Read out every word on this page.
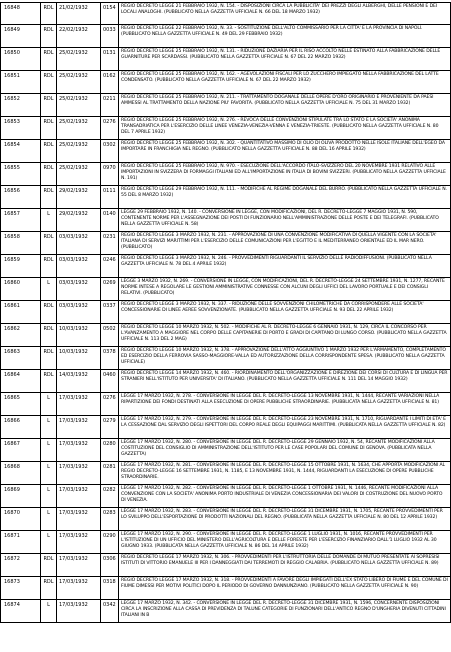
16848	RDL	21/02/1932	0154	REGIO DECRETO LEGGE 21 FEBBRAIO 1932, N. 154. - DISPOSIZIONI CIRCA LA PUBBLICITA' DEI PREZZI DEGLI ALBERGHI, DELLE PENSIONI E DEI LOCALI ANALOGHI. (PUBBLICATO NELLA GAZZETTA UFFICIALE N. 66 DEL 18 MARZO 1932)
16849	RDL	22/02/1932	0033	REGIO DECRETO LEGGE 22 FEBBRAIO 1932, N. 33. - SOSTITUZIONE DELL'ALTO COMMISSARIO PER LA CITTA' E LA PROVINCIA DI NAPOLI. (PUBBLICATO NELLA GAZZETTA UFFICIALE N. 49 DEL 29 FEBBRAIO 1932)
16850	RDL	25/02/1932	0131	REGIO DECRETO LEGGE 25 FEBBRAIO 1932, N. 131. - RIDUZIONE DAZIARIA PER IL RISO ACCOLTO NELLE ESTINATO ALLA FABBRICAZIONE DELLE GUARNITURE PER SCARDASSI. (PUBBLICATO NELLA GAZZETTA UFFICIALE N. 67 DEL 22 MARZO 1932)
16851	RDL	25/02/1932	0162	REGIO DECRETO LEGGE 25 FEBBRAIO 1932, N. 162. - AGEVOLAZIONI FISCALI PER LO ZUCCHERO IMPIEGATO NELLA FABBRICAZIONE DEL LATTE CONDENSATO. (PUBBLICATO NELLA GAZZETTA UFFICIALE N. 67 DEL 22 MARZO 1932)
16852	RDL	25/02/1932	0211	REGIO DECRETO LEGGE 25 FEBBRAIO 1932, N. 211. - TRATTAMENTO DOGANALE DELLE OPERE D'ORO ORIGINARIO E PROVENIENTE DA PAESI AMMESSI AL TRATTAMENTO DELLA NAZIONE PIU' FAVORITA. (PUBBLICATO NELLA GAZZETTA UFFICIALE N. 75 DEL 31 MARZO 1932)
16853	RDL	25/02/1932	0276	REGIO DECRETO LEGGE 25 FEBBRAIO 1932, N. 276. - REVOCA DELLE CONVENZIONI STIPULATE TRA LO STATO E LA SOCIETA' ANONIMA TRANSADRIATICA PER L'ESERCIZIO DELLE LINEE VENEZIA-VENEZIA-VENNA E VENEZIA-TRIESTE. (PUBBLICATO NELLA GAZZETTA UFFICIALE N. 80 DEL 7 APRILE 1932)
16854	RDL	25/02/1932	0302	REGIO DECRETO LEGGE 25 FEBBRAIO 1932, N. 302. - QUANTITATIVO MASSIMO DI OLIO DI OLIVA PRODOTTO NELLE ISOLE ITALIANE DELL'EGEO DA IMPORTARE IN FRANCHIGIA NEL REGNO. (PUBBLICATO NELLA GAZZETTA UFFICIALE N. 88 DEL 16 APRILE 1932)
16855	RDL	25/02/1932	0970	REGIO DECRETO LEGGE 25 FEBBRAIO 1932, N. 970. - ESECUZIONE DELL'ACCORDO ITALO-SVIZZERO DEL 20 NOVEMBRE 1931 RELATIVO ALLE IMPORTAZIONI IN SVIZZERA DI FORMAGGI ITALIANI ED ALL'IMPORTAZIONE IN ITALIA DI BOVINI SVIZZERI. (PUBBLICATO NELLA GAZZETTA UFFICIALE N. 191)
16856	RDL	29/02/1932	0111	REGIO DECRETO LEGGE 29 FEBBRAIO 1932, N. 111. - MODIFICHE AL REGIME DOGANALE DEL BURRO. (PUBBLICATO NELLA GAZZETTA UFFICIALE N. 55 DEL 8 MARZO 1932)
16857	L	29/02/1932	0140	LEGGE 29 FEBBRAIO 1932, N. 140. - CONVERSIONE IN LEGGE, CON MODIFICAZIONI, DEL R. DECRETO-LEGGE 7 MAGGIO 1931, N. 590, CONTENENTE NORME PER L'ASSEGNAZIONE DEI POSTI DI FUNZIONARIO NELL'AMMINISTRAZIONE DELLE POSTE E DEI TELEGRAFI. (PUBBLICATO NELLA GAZZETTA UFFICIALE N. 58)
16858	RDL	03/03/1932	0231	REGIO DECRETO LEGGE 3 MARZO 1932, N. 231. - APPROVAZIONE DI UNA CONVENZIONE MODIFICATIVA DI QUELLA VIGENTE CON LA SOCIETA' ITALIANA DI SERVIZI MARITTIMI PER L'ESERCIZIO DELLE COMUNICAZIONI PER L'EGITTO E IL MEDITERRANEO ORIENTALE ED IL MAR NERO. (PUBBLICATO)
16859	RDL	03/03/1932	0246	REGIO DECRETO LEGGE 3 MARZO 1932, N. 246. - PROVVEDIMENTI RIGUARDANTI IL SERVIZIO DELLE RADIODIFFUSIONI. (PUBBLICATO NELLA GAZZETTA UFFICIALE N. 78 DEL 4 APRILE 1932)
16860	L	03/03/1932	0269	LEGGE 3 MARZO 1932, N. 269. - CONVERSIONE IN LEGGE, CON MODIFICAZIONI, DEL R. DECRETO-LEGGE 24 SETTEMBRE 1931, N. 1277, RECANTE NORME INTESE A REGOLARE LE GESTIONI AMMINISTRATIVE CONNESSE CON ALCUNI DEGLI UFFICI DEL LAVORO PORTUALE E DEI CONSIGLI RELATIVI. (PUBBLICATO)
16861	RDL	03/03/1932	0337	REGIO DECRETO LEGGE 3 MARZO 1932, N. 337. - RIDUZIONE DELLE SOVVENZIONI CHILOMETRICHE DA CORRISPONDERE ALLE SOCIETA' CONCESSIONARIE DI LINEE AEREE SOVVENZIONATE. (PUBBLICATO NELLA GAZZETTA UFFICIALE N. 93 DEL 22 APRILE 1932)
16862	RDL	10/03/1932	0502	REGIO DECRETO LEGGE 10 MARZO 1932, N. 502. - MODIFICHE AL R. DECRETO-LEGGE 6 GENNAIO 1931, N. 129, CIRCA IL CONCORSO PER L'AVANZAMENTO A MAGGIORE NEL CORPO DELLE CAPITANERIE DI PORTO E GRADI DI CAPITANO DI LUNGO CORSO. (PUBBLICATO NELLA GAZZETTA UFFICIALE N. 113 DEL 2 MAG)
16863	RDL	10/03/1932	0378	REGIO DECRETO LEGGE 10 MARZO 1932, N. 378. - APPROVAZIONE DELL'ATTO AGGIUNTIVO 1 MARZO 1932 PER L'ARMAMENTO, COMPLETAMENTO ED ESERCIZIO DELLA FERROVIA SASSO-MAGGIORE-VALLA ED AUTORIZZAZIONE DELLA CORRISPONDENTE SPESA. (PUBBLICATO NELLA GAZZETTA UFFICIALE)
16864	RDL	14/03/1932	0460	REGIO DECRETO LEGGE 14 MARZO 1932, N. 460. - RIORDINAMENTO DELL'ORGANIZZAZIONE E DIREZIONE DEI CORSI DI CULTURA E DI LINGUA PER STRANIERI NELL'ISTITUTO PER UNIVERSITA' DI ITALIANO. (PUBBLICATO NELLA GAZZETTA UFFICIALE N. 111 DEL 14 MAGGIO 1932)
16865	L	17/03/1932	0276	LEGGE 17 MARZO 1932, N. 278. - CONVERSIONE IN LEGGE DEL R. DECRETO-LEGGE 13 NOVEMBRE 1931, N. 1444, RECANTE VARIAZIONI NELLA RIPARTIZIONE DEI FONDI DESTINATI ALLA ESECUZIONE DI OPERE PUBBLICHE STRAORDINARIE. (PUBBLICATA NELLA GAZZETTA UFFICIALE N. 81)
16866	L	17/03/1932	0279	LEGGE 17 MARZO 1932, N. 279. - CONVERSIONE IN LEGGE DEL R. DECRETO-LEGGE 23 NOVEMBRE 1931, N. 1710, RIGUARDANTE I LIMITI DI ETA' E LA CESSAZIONE DAL SERVIZIO DEGLI ISPETTORI DEL CORPO REALE DEGLI EQUIPAGGI MARITTIMI. (PUBBLICATA NELLA GAZZETTA UFFICIALE N. 82)
16867	L	17/03/1932	0280	LEGGE 17 MARZO 1932, N. 280. - CONVERSIONE IN LEGGE DEL R. DECRETO-LEGGE 29 GENNAIO 1932, N. 54, RECANTE MODIFICAZIONI ALLA COSTITUZIONE DEL CONSIGLIO DI AMMINISTRAZIONE DELL'ISTITUTO PER LE CASE POPOLARI DEL COMUNE DI GENOVA. (PUBBLICATA NELLA GAZZETTA)
16868	L	17/03/1932	0281	LEGGE 17 MARZO 1932, N. 281. - CONVERSIONE IN LEGGE DEL R. DECRETO-LEGGE 15 OTTOBRE 1931, N. 1634, CHE APPORTA MODIFICAZIONI AL REGIO DECRETO-LEGGE 16 SETTEMBRE 1931, N. 1185, E 13 NOVEMBRE 1931, N. 1444, RIGUARDANTI LA ESECUZIONE DI OPERE PUBBLICHE STRAORDINARIE.
16869	L	17/03/1932	0282	LEGGE 17 MARZO 1932, N. 282. - CONVERSIONE IN LEGGE DEL R. DECRETO-LEGGE 1 OTTOBRE 1931, N. 1446, RECANTE MODIFICAZIONI ALLA CONVENZIONE CON LA SOCIETA' ANONIMA PORTO INDUSTRIALE DI VENEZIA CONCESSIONARIA DEI VALORI DI COSTRUZIONE DEL NUOVO PORTO DI VENEZIA.
16870	L	17/03/1932	0283	LEGGE 17 MARZO 1932, N. 283. - CONVERSIONE IN LEGGE DEL R. DECRETO-LEGGE 31 DICEMBRE 1931, N. 1705, RECANTE PROVVEDIMENTI PER LO SVILUPPO DELL'ESPORTAZIONE DI PRODOTTI NAZIONALI DEL REGNO. (PUBBLICATA NELLA GAZZETTA UFFICIALE N. 80 DEL 12 APRILE 1932)
16871	L	17/03/1932	0290	LEGGE 17 MARZO 1932, N. 290. - CONVERSIONE IN LEGGE DEL R. DECRETO-LEGGE 1 LUGLIO 1931, N. 1016, RECANTE PROVVEDIMENTI PER L'ISTITUZIONE DI UN UFFICIO DEL MINISTERO DELL'AGRICOLTURA E DELLE FORESTE PER L'ESERCIZIO FINANZIARIO DALL'1 LUGLIO 1932 AL 30 GIUGNO 1933. (PUBBLICATA NELLA GAZZETTA UFFICIALE N. 86 DEL 14 APRILE 1932)
16872	RDL	17/03/1932	0306	REGIO DECRETO LEGGE 17 MARZO 1932, N. 306. - PROVVEDIMENTI PER L'ISTRUTTORIA DELLE DOMANDE DI MUTUO PRESENTATE AI SOPRESISI ISTITUTI DI VITTORIO EMANUELE III PER I DANNEGGIATI DAI TERREMOTI DI REGGIO CALABRIA. (PUBBLICATO NELLA GAZZETTA UFFICIALE N. 89)
16873	RDL	17/03/1932	0318	REGIO DECRETO LEGGE 17 MARZO 1932, N. 318. - PROVVEDIMENTI A FAVORE DEGLI IMPIEGATI DELL'EX STATO LIBERO DI FIUME E DEL COMUNE DI FIUME DIMESSI PER MOTIVI POLITICI DOPO IL PERIODO DI GOVERNO DANNUNZIANO. (PUBBLICATO NELLA GAZZETTA UFFICIALE N. 90)
16874	L	17/03/1932	0342	LEGGE 17 MARZO 1932, N. 342. - CONVERSIONE IN LEGGE DEL R. DECRETO-LEGGE 31 DICEMBRE 1931, N. 1596, CONCERNENTE DISPOSIZIONI CIRCA LA INSCRIZIONE ALLA CASSA DI PREVIDENZA DI TALUNE CATEGORIE DI FUNZIONARI DELL'ANTICO REGNO D'UNGHERIA DIVENUTI CITTADINI ITALIANI IN B
